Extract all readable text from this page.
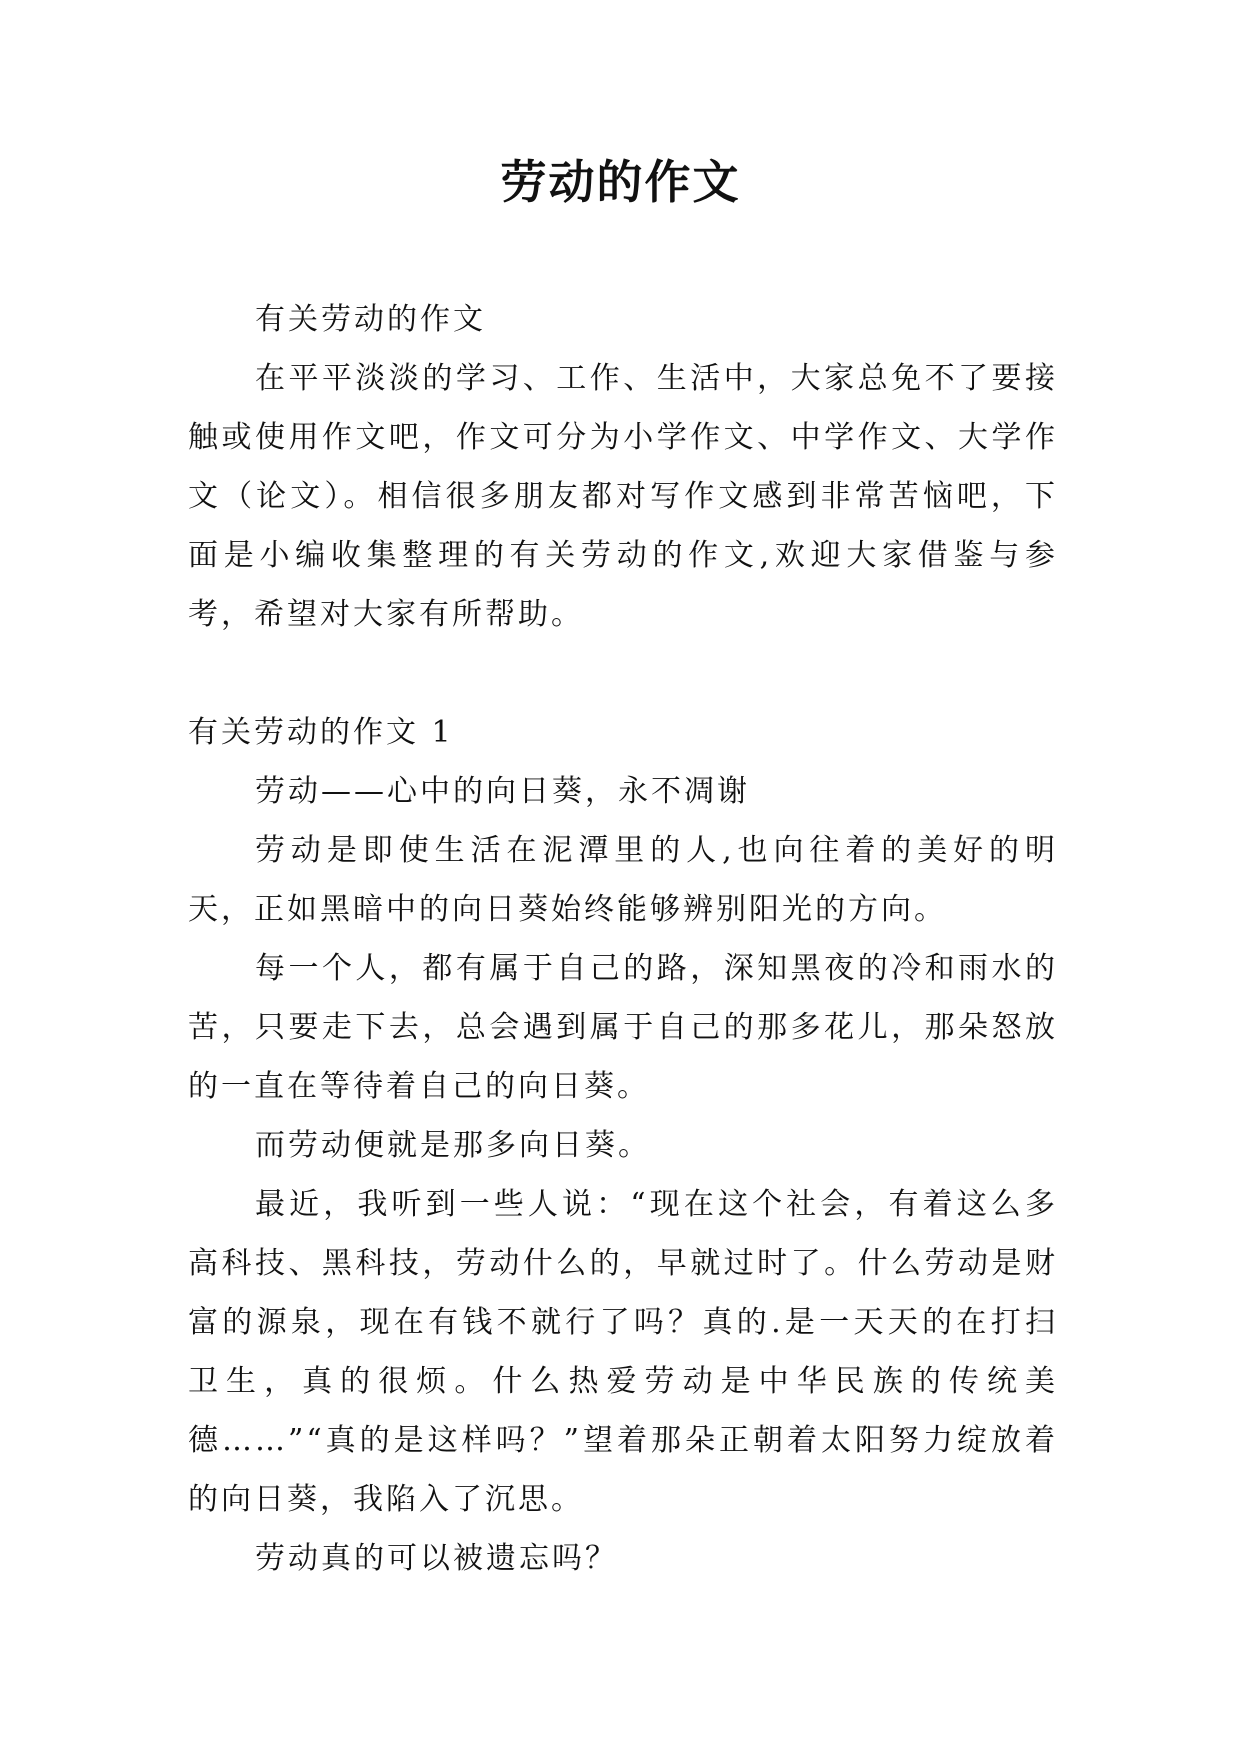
劳动的作文

有关劳动的作文

在平平淡淡的学习、工作、生活中，大家总免不了要接触或使用作文吧，作文可分为小学作文、中学作文、大学作文（论文）。相信很多朋友都对写作文感到非常苦恼吧，下面是小编收集整理的有关劳动的作文,欢迎大家借鉴与参考，希望对大家有所帮助。

有关劳动的作文 1

劳动——心中的向日葵，永不凋谢

劳动是即使生活在泥潭里的人,也向往着的美好的明天，正如黑暗中的向日葵始终能够辨别阳光的方向。

每一个人，都有属于自己的路，深知黑夜的冷和雨水的苦，只要走下去，总会遇到属于自己的那多花儿，那朵怒放的一直在等待着自己的向日葵。

而劳动便就是那多向日葵。

最近，我听到一些人说：“现在这个社会，有着这么多高科技、黑科技，劳动什么的，早就过时了。什么劳动是财富的源泉，现在有钱不就行了吗？真的.是一天天的在打扫卫生，真的很烦。什么热爱劳动是中华民族的传统美德……”“真的是这样吗？”望着那朵正朝着太阳努力绽放着的向日葵，我陷入了沉思。

劳动真的可以被遗忘吗？
